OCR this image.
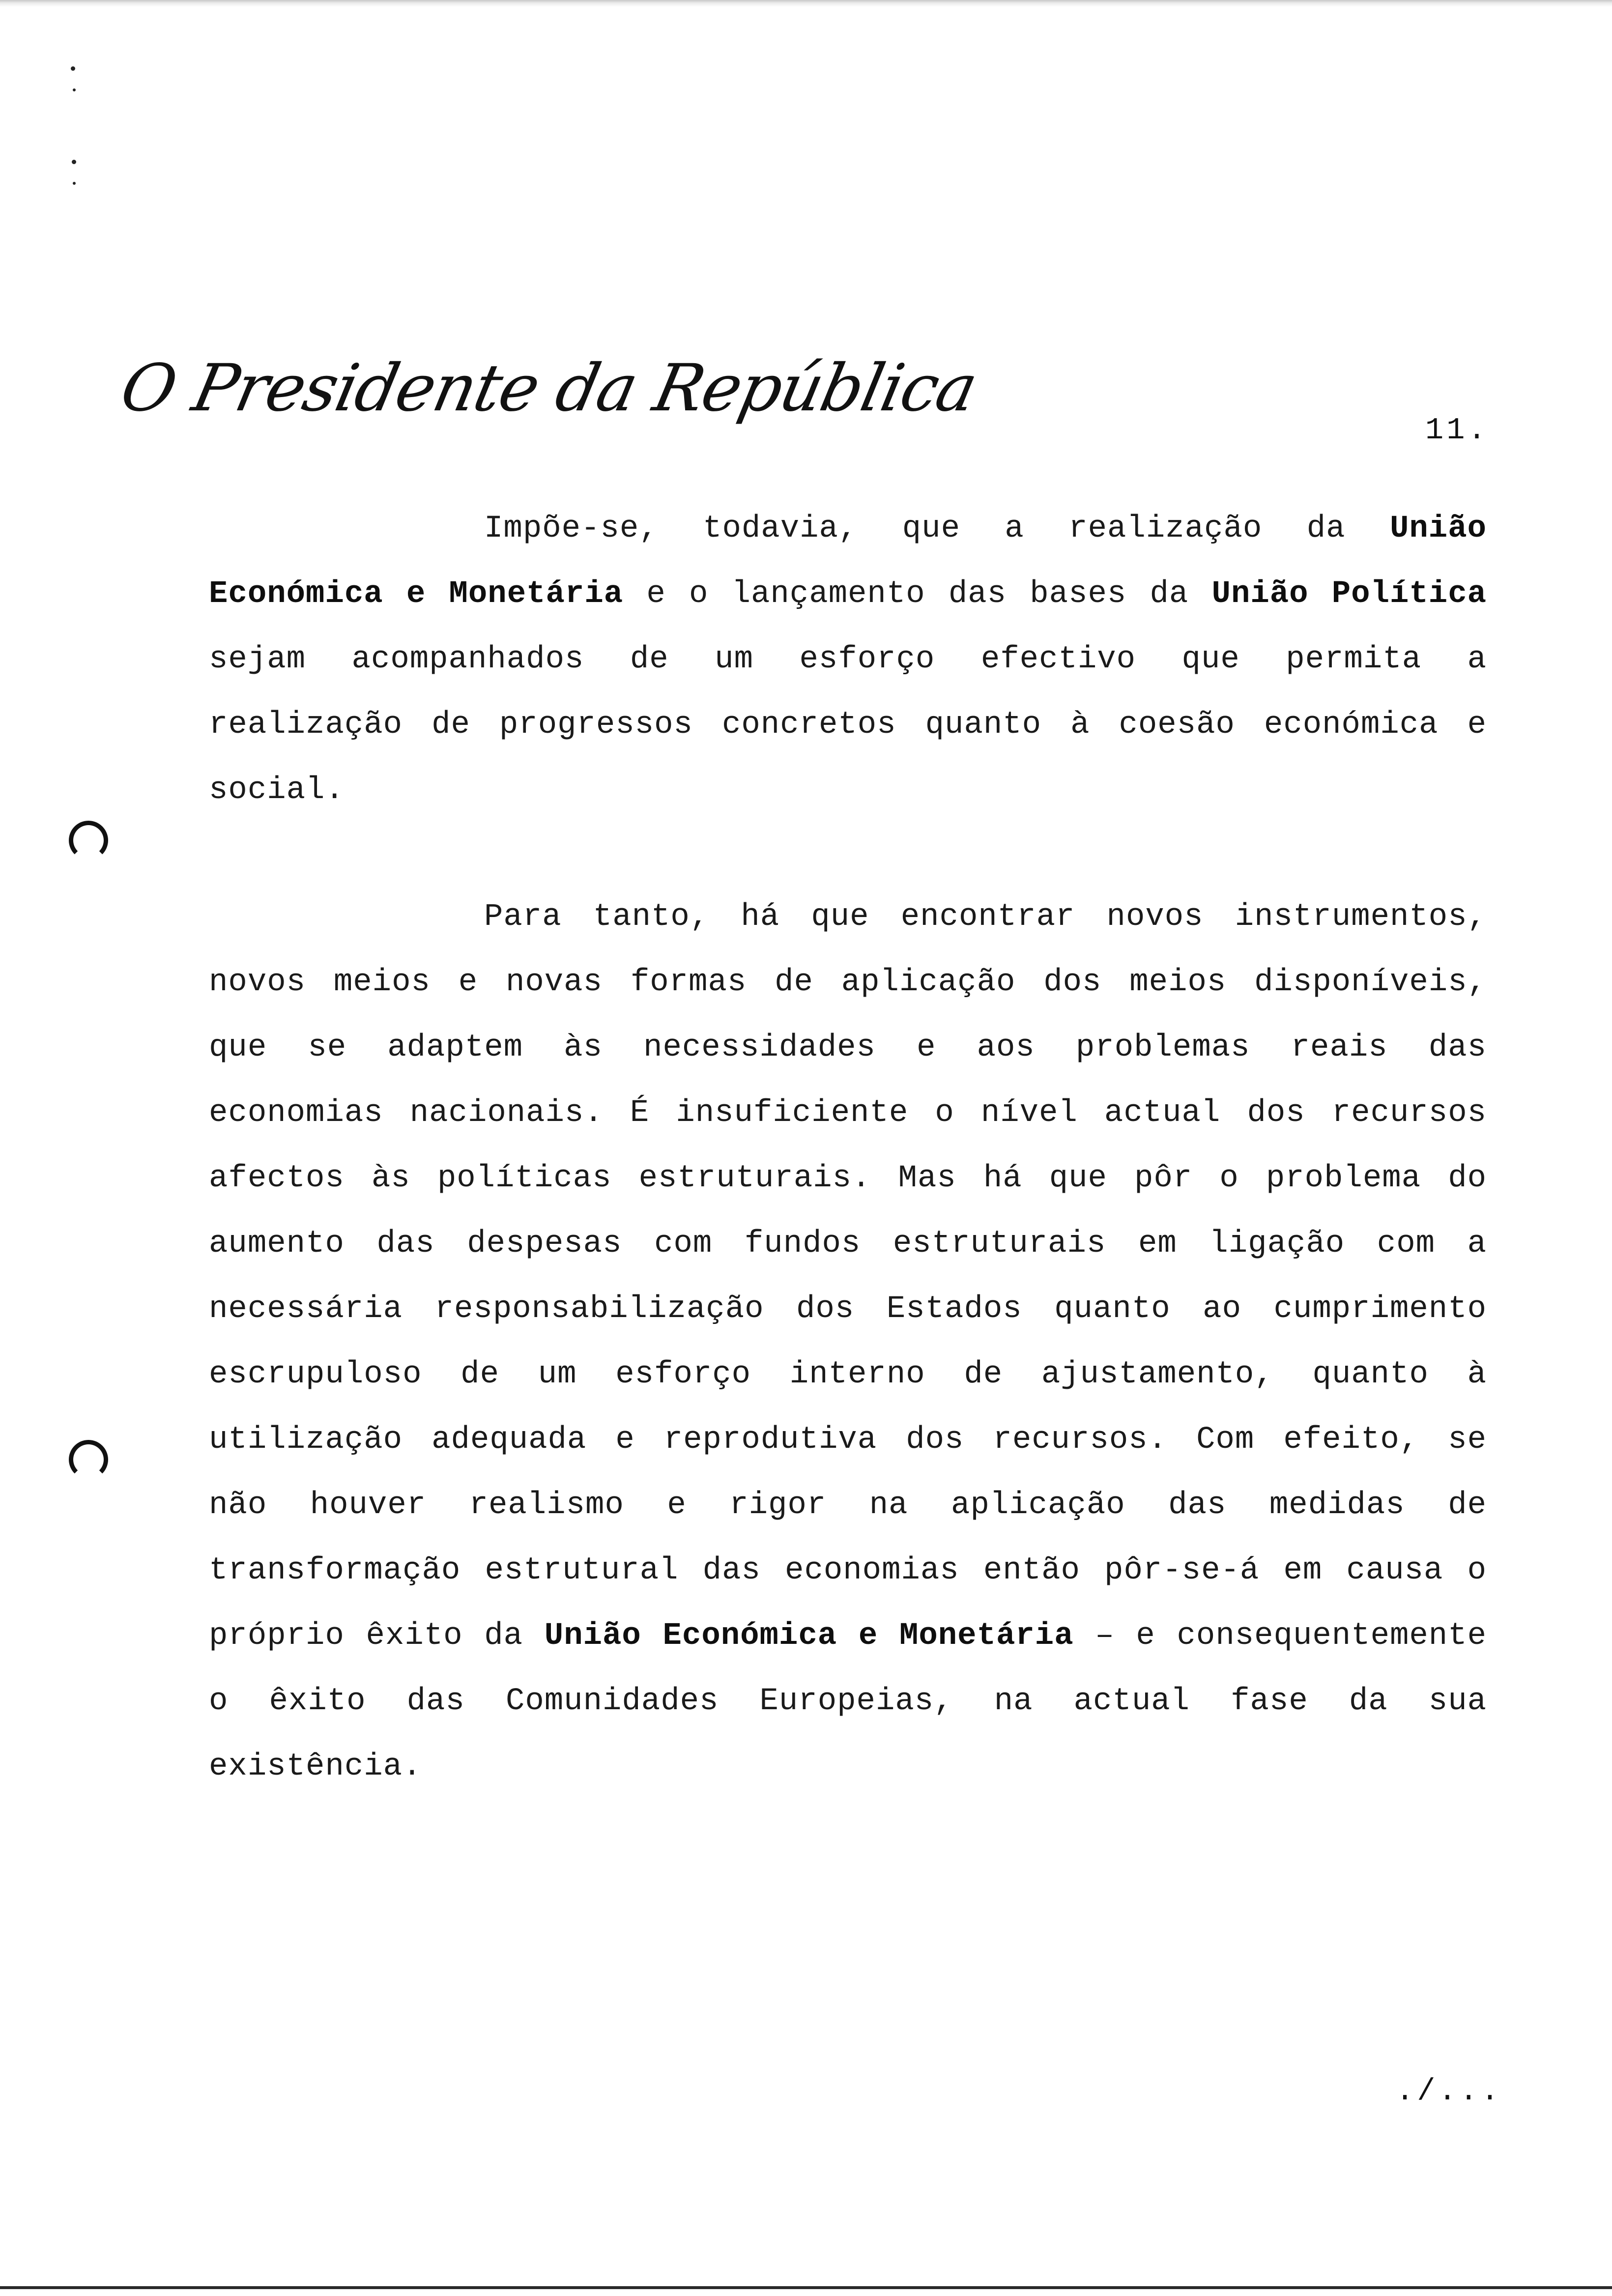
O Presidente da República
11.
Impõe-se, todavia, que a realização da União Económica e Monetária e o lançamento das bases da União Política sejam acompanhados de um esforço efectivo que permita a realização de progressos concretos quanto à coesão económica e social.
Para tanto, há que encontrar novos instrumentos, novos meios e novas formas de aplicação dos meios disponíveis, que se adaptem às necessidades e aos problemas reais das economias nacionais. É insuficiente o nível actual dos recursos afectos às políticas estruturais. Mas há que pôr o problema do aumento das despesas com fundos estruturais em ligação com a necessária responsabilização dos Estados quanto ao cumprimento escrupuloso de um esforço interno de ajustamento, quanto à utilização adequada e reprodutiva dos recursos. Com efeito, se não houver realismo e rigor na aplicação das medidas de transformação estrutural das economias então pôr-se-á em causa o próprio êxito da União Económica e Monetária – e consequentemente o êxito das Comunidades Europeias, na actual fase da sua existência.
./...
